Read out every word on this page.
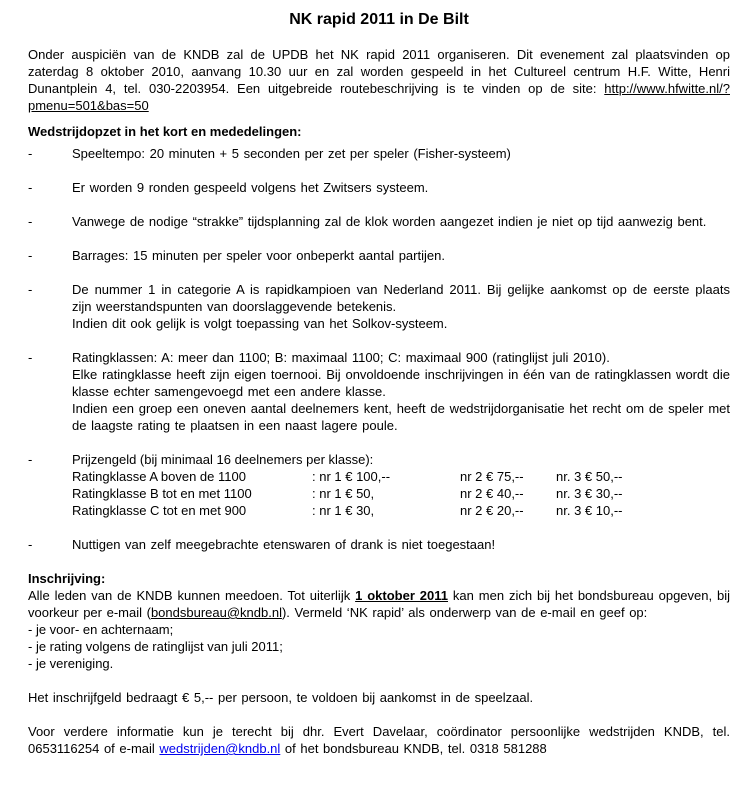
NK rapid 2011 in De Bilt

Onder auspiciën van de KNDB zal de UPDB het NK rapid 2011 organiseren. Dit evenement zal plaatsvinden op zaterdag 8 oktober 2010, aanvang 10.30 uur en zal worden gespeeld in het Cultureel centrum H.F. Witte, Henri Dunantplein 4, tel. 030-2203954. Een uitgebreide routebeschrijving is te vinden op de site: http://www.hfwitte.nl/?pmenu=501&bas=50

Wedstrijdopzet in het kort en mededelingen:
-	Speeltempo: 20 minuten + 5 seconden per zet per speler (Fisher-systeem)

-	Er worden 9 ronden gespeeld volgens het Zwitsers systeem.

-	Vanwege de nodige “strakke” tijdsplanning zal de klok worden aangezet indien je niet op tijd aanwezig bent.

-	Barrages: 15 minuten per speler voor onbeperkt aantal partijen.

-	De nummer 1 in categorie A is rapidkampioen van Nederland 2011. Bij gelijke aankomst op de eerste plaats zijn weerstandspunten van doorslaggevende betekenis.

Indien dit ook gelijk is volgt toepassing van het Solkov-systeem.

-	Ratingklassen: A: meer dan 1100; B: maximaal 1100; C: maximaal 900 (ratinglijst juli 2010).

Elke ratingklasse heeft zijn eigen toernooi. Bij onvoldoende inschrijvingen in één van de ratingklassen wordt die klasse echter samengevoegd met een andere klasse.

Indien een groep een oneven aantal deelnemers kent, heeft de wedstrijdorganisatie het recht om de speler met de laagste rating te plaatsen in een naast lagere poule.

-	Prijzengeld (bij minimaal 16 deelnemers per klasse):

Ratingklasse A boven de 1100	: nr 1 € 100,--	nr 2 € 75,--	nr. 3 € 50,--
Ratingklasse B tot en met 1100	: nr 1 € 50,	nr 2 € 40,--	nr. 3 € 30,--
Ratingklasse C tot en met 900	: nr 1 € 30,	nr 2 € 20,--	nr. 3 € 10,--
-	Nuttigen van zelf meegebrachte etenswaren of drank is niet toegestaan!

Inschrijving:

Alle leden van de KNDB kunnen meedoen. Tot uiterlijk 1 oktober 2011 kan men zich bij het bondsbureau opgeven, bij voorkeur per e-mail (bondsbureau@kndb.nl). Vermeld ‘NK rapid’ als onderwerp van de e-mail en geef op:

- je voor- en achternaam;

- je rating volgens de ratinglijst van juli 2011;

- je vereniging.

Het inschrijfgeld bedraagt € 5,-- per persoon, te voldoen bij aankomst in de speelzaal.

Voor verdere informatie kun je terecht bij dhr. Evert Davelaar, coördinator persoonlijke wedstrijden KNDB, tel. 0653116254 of e-mail wedstrijden@kndb.nl of het bondsbureau KNDB, tel. 0318 581288
